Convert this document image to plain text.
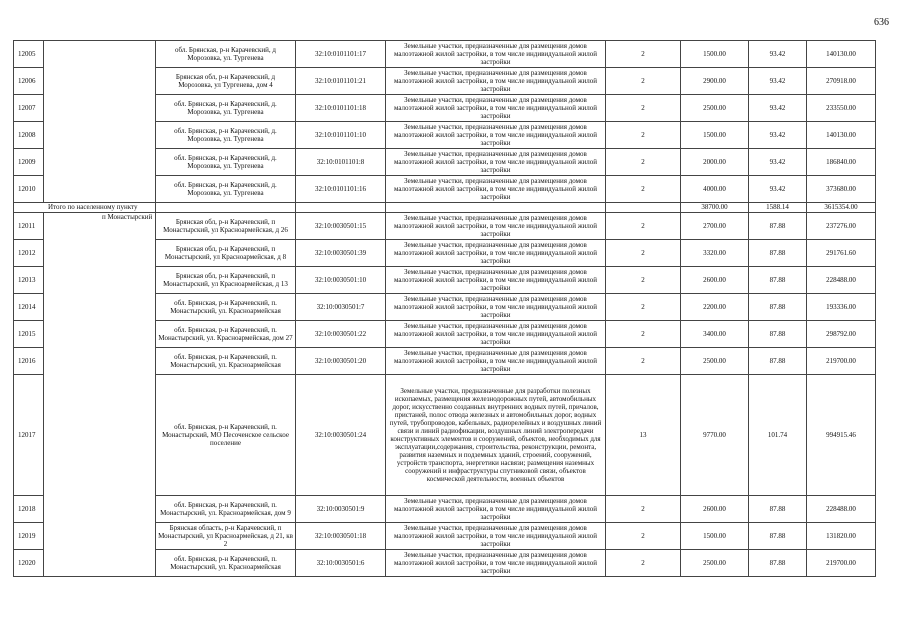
636
12005		обл. Брянская, р-н Карачевский, д Морозовка, ул. Тургенева	32:10:0101101:17	Земельные участки, предназначенные для размещения домов малоэтажной жилой застройки, в том числе индивидуальной жилой застройки	2	1500.00	93.42	140130.00
12006		Брянская обл, р-н Карачевский, д Морозовка, ул Тургенева, дом 4	32:10:0101101:21	Земельные участки, предназначенные для размещения домов малоэтажной жилой застройки, в том числе индивидуальной жилой застройки	2	2900.00	93.42	270918.00
12007		обл. Брянская, р-н Карачевский, д. Морозовка, ул. Тургенева	32:10:0101101:18	Земельные участки, предназначенные для размещения домов малоэтажной жилой застройки, в том числе индивидуальной жилой застройки	2	2500.00	93.42	233550.00
12008		обл. Брянская, р-н Карачевский, д. Морозовка, ул. Тургенева	32:10:0101101:10	Земельные участки, предназначенные для размещения домов малоэтажной жилой застройки, в том числе индивидуальной жилой застройки	2	1500.00	93.42	140130.00
12009		обл. Брянская, р-н Карачевский, д. Морозовка, ул. Тургенева	32:10:0101101:8	Земельные участки, предназначенные для размещения домов малоэтажной жилой застройки, в том числе индивидуальной жилой застройки	2	2000.00	93.42	186840.00
12010		обл. Брянская, р-н Карачевский, д. Морозовка, ул. Тургенева	32:10:0101101:16	Земельные участки, предназначенные для размещения домов малоэтажной жилой застройки, в том числе индивидуальной жилой застройки	2	4000.00	93.42	373680.00
Итого по населенному пункту						38700.00	1588.14	3615354.00
12011	п Монастырский	Брянская обл, р-н Карачевский, п Монастырский, ул Красноармейская, д 26	32:10:0030501:15	Земельные участки, предназначенные для размещения домов малоэтажной жилой застройки, в том числе индивидуальной жилой застройки	2	2700.00	87.88	237276.00
12012		Брянская обл, р-н Карачевский, п Монастырский, ул Красноармейская, д 8	32:10:0030501:39	Земельные участки, предназначенные для размещения домов малоэтажной жилой застройки, в том числе индивидуальной жилой застройки	2	3320.00	87.88	291761.60
12013		Брянская обл, р-н Карачевский, п Монастырский, ул Красноармейская, д 13	32:10:0030501:10	Земельные участки, предназначенные для размещения домов малоэтажной жилой застройки, в том числе индивидуальной жилой застройки	2	2600.00	87.88	228488.00
12014		обл. Брянская, р-н Карачевский, п. Монастырский, ул. Красноармейская	32:10:0030501:7	Земельные участки, предназначенные для размещения домов малоэтажной жилой застройки, в том числе индивидуальной жилой застройки	2	2200.00	87.88	193336.00
12015		обл. Брянская, р-н Карачевский, п. Монастырский, ул. Красноармейская, дом 27	32:10:0030501:22	Земельные участки, предназначенные для размещения домов малоэтажной жилой застройки, в том числе индивидуальной жилой застройки	2	3400.00	87.88	298792.00
12016		обл. Брянская, р-н Карачевский, п. Монастырский, ул. Красноармейская	32:10:0030501:20	Земельные участки, предназначенные для размещения домов малоэтажной жилой застройки, в том числе индивидуальной жилой застройки	2	2500.00	87.88	219700.00
12017		обл. Брянская, р-н Карачевский, п. Монастырский, МО Песоченское сельское поселение	32:10:0030501:24	Земельные участки, предназначенные для разработки полезных ископаемых, размещения железнодорожных путей, автомобильных дорог, искусственно созданных внутренних водных путей, причалов, пристаней, полос отвода железных и автомобильных дорог, водных путей, трубопроводов, кабельных, радиорелейных и воздушных линий связи и линий радиофикации, воздушных линий электропередачи конструктивных элементов и сооружений, объектов, необходимых для эксплуатации,содержания, строительства, реконструкции, ремонта, развития наземных и подземных зданий, строений, сооружений, устройств транспорта, энергетики насвязи; размещения наземных сооружений и инфраструктуры спутниковой связи, объектов космической деятельности, военных объектов	13	9770.00	101.74	994915.46
12018		обл. Брянская, р-н Карачевский, п. Монастырский, ул. Красноармейская, дом 9	32:10:0030501:9	Земельные участки, предназначенные для размещения домов малоэтажной жилой застройки, в том числе индивидуальной жилой застройки	2	2600.00	87.88	228488.00
12019		Брянская область, р-н Карачевский, п Монастырский, ул Красноармейская, д 21, кв 2	32:10:0030501:18	Земельные участки, предназначенные для размещения домов малоэтажной жилой застройки, в том числе индивидуальной жилой застройки	2	1500.00	87.88	131820.00
12020		обл. Брянская, р-н Карачевский, п. Монастырский, ул. Красноармейская	32:10:0030501:6	Земельные участки, предназначенные для размещения домов малоэтажной жилой застройки, в том числе индивидуальной жилой застройки	2	2500.00	87.88	219700.00
